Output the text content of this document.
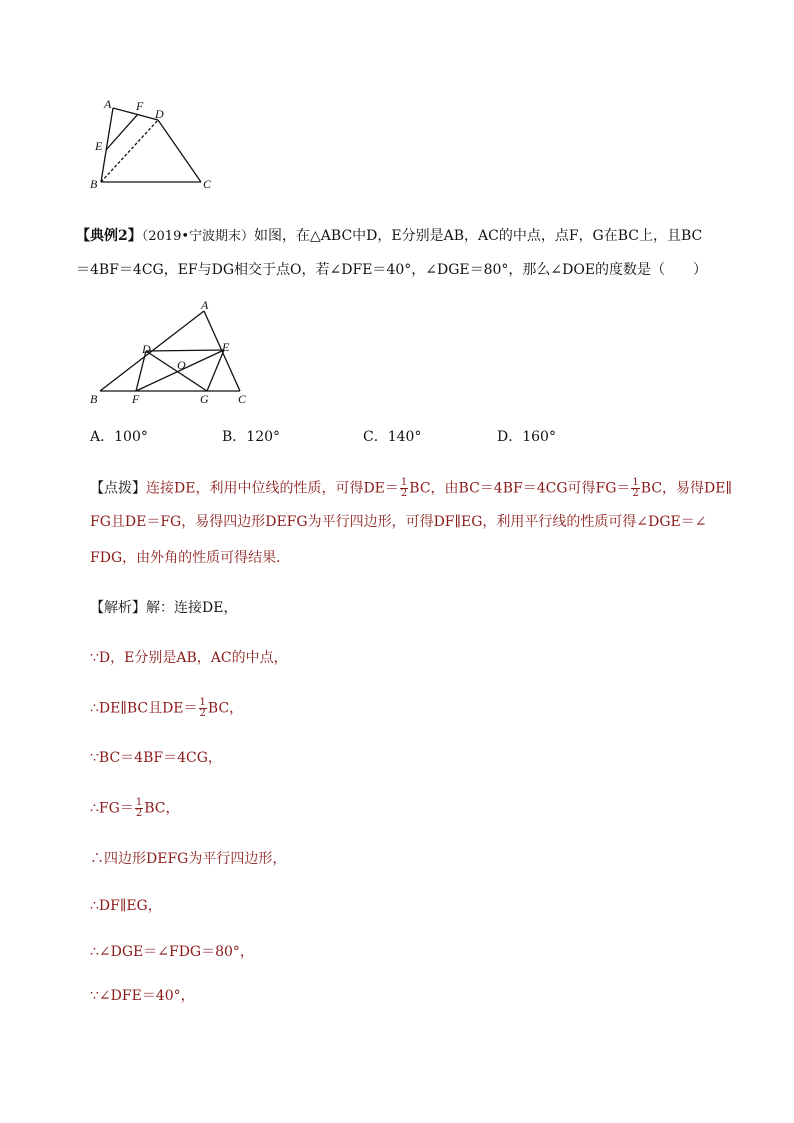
A F
D
E
B	C
【典例2】（2019•宁波期末）如图，在△ABC中D，E分别是AB，AC的中点，点F，G在BC上，且BC
＝4BF＝4CG，EF与DG相交于点O，若∠DFE＝40°，∠DGE＝80°，那么∠DOE的度数是（　　）
A
D	E
O
B	F	G C
A．100°	B．120°	C．140°	D．160°
【点拨】连接DE，利用中位线的性质，可得$DE= \frac{1}{2}$ BC，由BC＝4BF＝4CG可得$FG= \frac{1}{2}$ BC，易得DE∥
FG且DE＝FG，易得四边形DEFG为平行四边形，可得DF∥EG，利用平行线的性质可得∠DGE＝∠
FDG，由外角的性质可得结果．
【解析】解：连接DE，
∵D，E分别是AB，AC的中点，
∴DE∥BC且$DE= \frac{1}{2}$ BC，
∵BC＝4BF＝4CG，
∴FG＝ $\frac{1}{2}$ BC，
∴四边形DEFG为平行四边形，
∴DF∥EG，
∴∠DGE＝∠FDG＝80°，
∵∠DFE＝40°，
